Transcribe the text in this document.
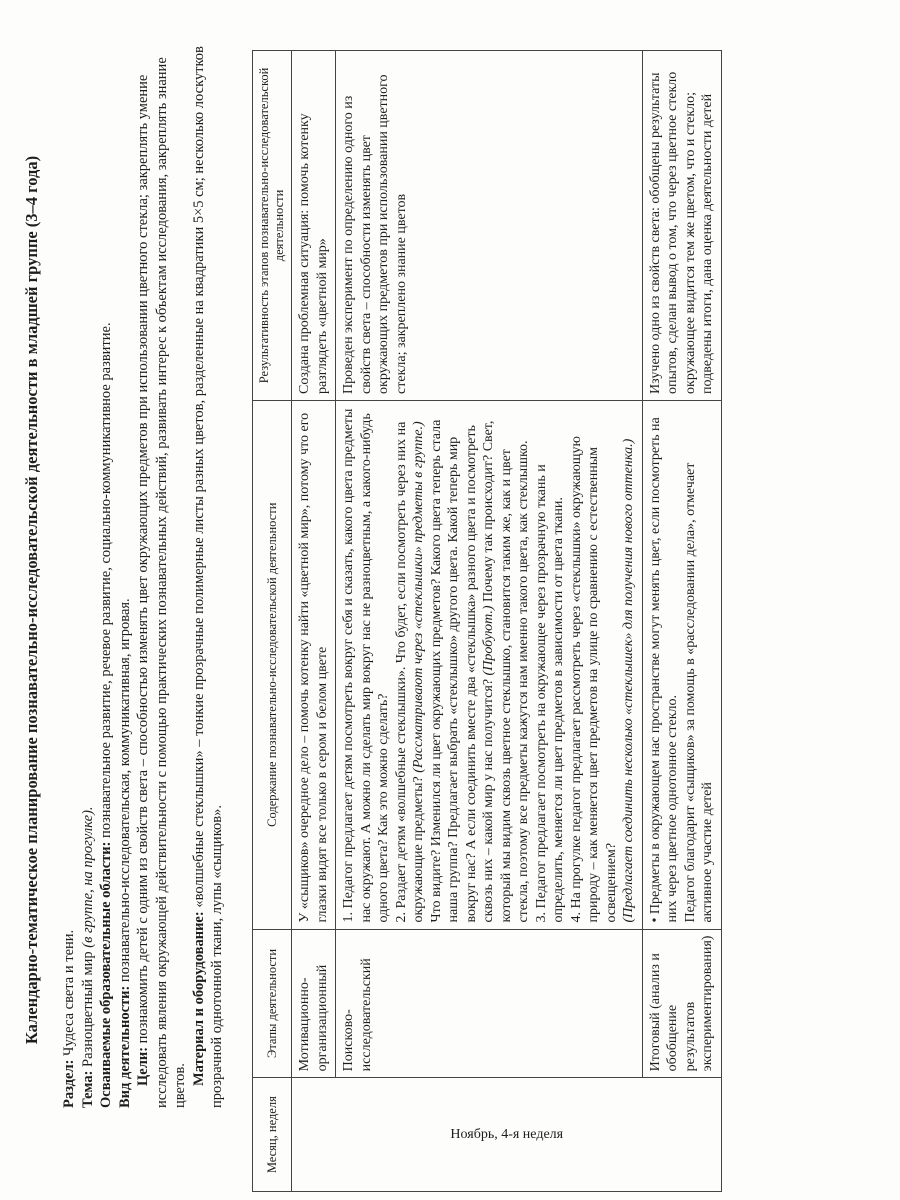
Календарно-тематическое планирование познавательно-исследовательской деятельности в младшей группе (3–4 года)

Раздел: Чудеса света и тени.

Тема: Разноцветный мир (в группе, на прогулке). Осваиваемые образовательные области: познавательное развитие, речевое развитие, социально-коммуникативное развитие.

Вид деятельности: познавательно-исследовательская, коммуникативная, игровая.

Цели: познакомить детей с одним из свойств света – способностью изменять цвет окружающих предметов при использовании цветного стекла; закреплять умение исследовать явления окружающей действительности с помощью практических познавательных действий, развивать интерес к объектам исследования, закреплять знание цветов. Материал и оборудование: «волшебные стеклышки» – тонкие прозрачные полимерные листы разных цветов, разделенные на квадратики 5×5 см; несколько лоскутков прозрачной однотонной ткани, лупы «сыщиков».

Месяц, неделя	Этапы деятельности	Содержание познавательно-исследовательской деятельности	Результативность этапов познавательно-исследовательской деятельности
Ноябрь, 4-я неделя	Мотивационно-организационный	У «сыщиков» очередное дело – помочь котенку найти «цветной мир», потому что его глазки видят все только в сером и белом цвете	Создана проблемная ситуация: помочь котенку разглядеть «цветной мир»
	Поисково-исследовательский	1. Педагог предлагает детям посмотреть вокруг себя и сказать, какого цвета предметы нас окружают. А можно ли сделать мир вокруг нас не разноцветным, а какого-нибудь одного цвета? Как это можно сделать? 2. Раздает детям «волшебные стеклышки». Что будет, если посмотреть через них на окружающие предметы? (Рассматривают через «стеклышки» предметы в группе.) Что видите? Изменился ли цвет окружающих предметов? Какого цвета теперь стала наша группа? Предлагает выбрать «стеклышко» другого цвета. Какой теперь мир вокруг нас? А если соединить вместе два «стеклышка» разного цвета и посмотреть сквозь них – какой мир у нас получится? (Пробуют.) Почему так происходит? Свет, который мы видим сквозь цветное стеклышко, становится таким же, как и цвет стекла, поэтому все предметы кажутся нам именно такого цвета, как стеклышко. 3. Педагог предлагает посмотреть на окружающее через прозрачную ткань и определить, меняется ли цвет предметов в зависимости от цвета ткани. 4. На прогулке педагог предлагает рассмотреть через «стеклышки» окружающую природу – как меняется цвет предметов на улице по сравнению с естественным освещением? (Предлагает соединить несколько «стеклышек» для получения нового оттенка.)	Проведен эксперимент по определению одного из свойств света – способности изменять цвет окружающих предметов при использовании цветного стекла; закреплено знание цветов
	Итоговый (анализ и обобщение результатов экспериментирования)	• Предметы в окружающем нас пространстве могут менять цвет, если посмотреть на них через цветное однотонное стекло. Педагог благодарит «сыщиков» за помощь в «расследовании дела», отмечает активное участие детей	Изучено одно из свойств света: обобщены результаты опытов, сделан вывод о том, что через цветное стекло окружающее видится тем же цветом, что и стекло; подведены итоги, дана оценка деятельности детей
